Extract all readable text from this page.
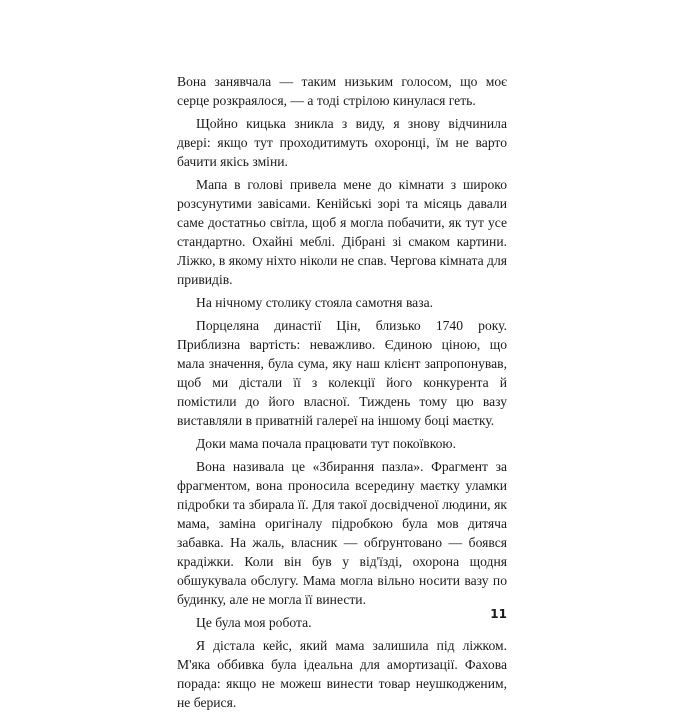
Вона занявчала — таким низьким голосом, що моє серце розкраялося, — а тоді стрілою кинулася геть.

Щойно кицька зникла з виду, я знову відчинила двері: якщо тут проходитимуть охоронці, їм не варто бачити якісь зміни.

Мапа в голові привела мене до кімнати з широко розсунутими завісами. Кенійські зорі та місяць давали саме достатньо світла, щоб я могла побачити, як тут усе стандартно. Охайні меблі. Дібрані зі смаком картини. Ліжко, в якому ніхто ніколи не спав. Чергова кімната для привидів.

На нічному столику стояла самотня ваза.

Порцеляна династії Цін, близько 1740 року. Приблизна вартість: неважливо. Єдиною ціною, що мала значення, була сума, яку наш клієнт запропонував, щоб ми дістали її з колекції його конкурента й помістили до його власної. Тиждень тому цю вазу виставляли в приватній галереї на іншому боці маєтку.

Доки мама почала працювати тут покоївкою.

Вона називала це «Збирання пазла». Фрагмент за фрагментом, вона проносила всередину маєтку уламки підробки та збирала її. Для такої досвідченої людини, як мама, заміна оригіналу підробкою була мов дитяча забавка. На жаль, власник — обґрунтовано — боявся крадіжки. Коли він був у від'їзді, охорона щодня обшукувала обслугу. Мама могла вільно носити вазу по будинку, але не могла її винести.

Це була моя робота.

Я дістала кейс, який мама залишила під ліжком. М'яка оббивка була ідеальна для амортизації. Фахова порада: якщо не можеш винести товар неушкодженим, не берися.

11
